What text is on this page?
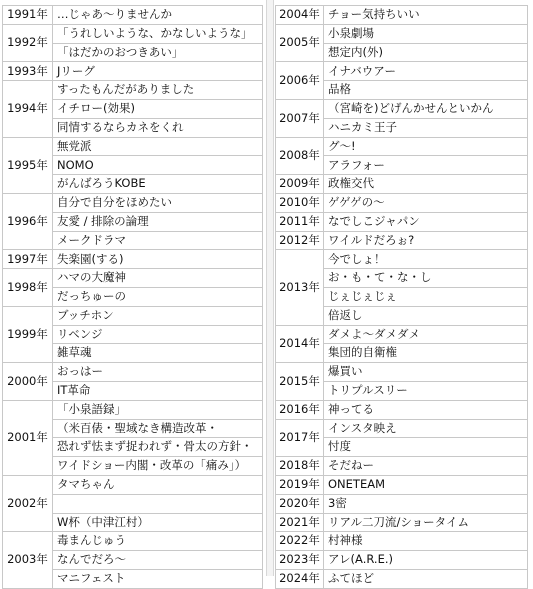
1991年	…じゃあ～りませんか
1992年	「うれしいような、かなしいような」
	「はだかのおつきあい」
1993年	Jリーグ
1994年	すったもんだがありました
	イチロー(効果)
	同情するならカネをくれ
1995年	無党派
	NOMO
	がんばろうKOBE
1996年	自分で自分をほめたい
	友愛 / 排除の論理
	メークドラマ
1997年	失楽園(する)
1998年	ハマの大魔神
	だっちゅーの
1999年	ブッチホン
	リベンジ
	雑草魂
2000年	おっはー
	IT革命
2001年	「小泉語録」
	（米百俵・聖域なき構造改革・
	恐れず怯まず捉われず・骨太の方針・
	ワイドショー内閣・改革の「痛み」）
2002年	タマちゃん

	W杯（中津江村）
2003年	毒まんじゅう
	なんでだろ～
	マニフェスト
2004年	チョー気持ちいい
2005年	小泉劇場
	想定内(外)
2006年	イナバウアー
	品格
2007年	（宮崎を)どげんかせんといかん
	ハニカミ王子
2008年	グ～!
	アラフォー
2009年	政権交代
2010年	ゲゲゲの～
2011年	なでしこジャパン
2012年	ワイルドだろぉ?
2013年	今でしょ！
	お・も・て・な・し
	じぇじぇじぇ
	倍返し
2014年	ダメよ～ダメダメ
	集団的自衛権
2015年	爆買い
	トリプルスリー
2016年	神ってる
2017年	インスタ映え
	忖度
2018年	そだねー
2019年	ONETEAM
2020年	3密
2021年	リアル二刀流/ショータイム
2022年	村神様
2023年	アレ(A.R.E.)
2024年	ふてほど
